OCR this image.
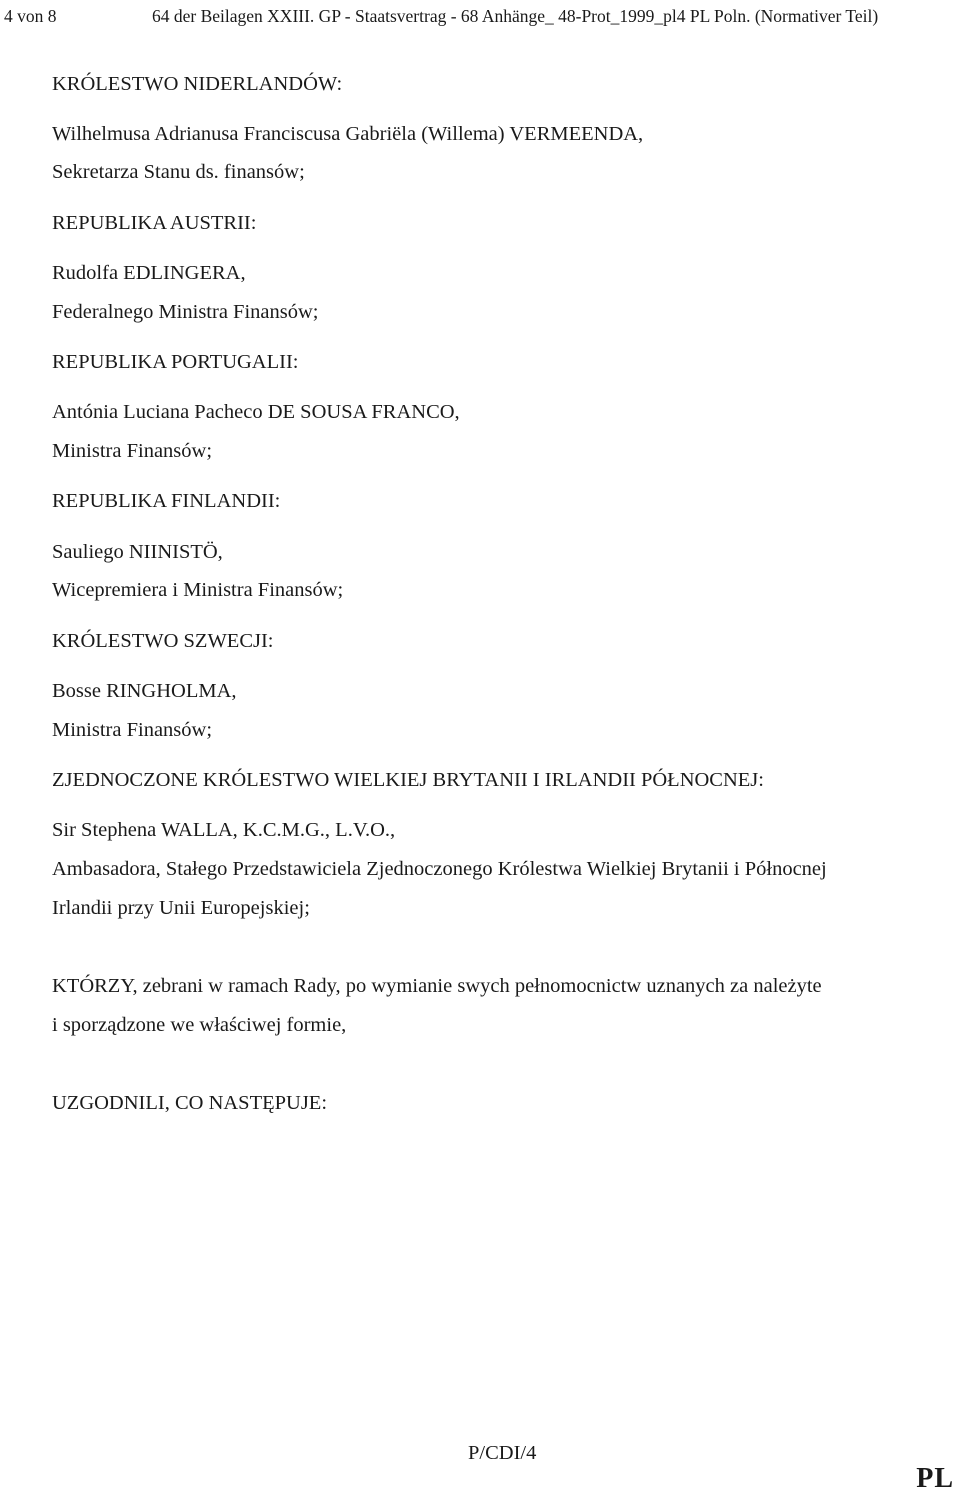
4 von 8	64 der Beilagen XXIII. GP - Staatsvertrag - 68 Anhänge_ 48-Prot_1999_pl4 PL Poln. (Normativer Teil)
KRÓLESTWO NIDERLANDÓW:
Wilhelmusa Adrianusa Franciscusa Gabriëla (Willema) VERMEENDA,
Sekretarza Stanu ds. finansów;
REPUBLIKA AUSTRII:
Rudolfa EDLINGERA,
Federalnego Ministra Finansów;
REPUBLIKA PORTUGALII:
Antónia Luciana Pacheco DE SOUSA FRANCO,
Ministra Finansów;
REPUBLIKA FINLANDII:
Sauliego NIINISTÖ,
Wicepremiera i Ministra Finansów;
KRÓLESTWO SZWECJI:
Bosse RINGHOLMA,
Ministra Finansów;
ZJEDNOCZONE KRÓLESTWO WIELKIEJ BRYTANII I IRLANDII PÓŁNOCNEJ:
Sir Stephena WALLA, K.C.M.G., L.V.O.,
Ambasadora, Stałego Przedstawiciela Zjednoczonego Królestwa Wielkiej Brytanii i Północnej
Irlandii przy Unii Europejskiej;
KTÓRZY, zebrani w ramach Rady, po wymianie swych pełnomocnictw uznanych za należyte
i sporządzone we właściwej formie,
UZGODNILI, CO NASTĘPUJE:
P/CDI/4
PL
